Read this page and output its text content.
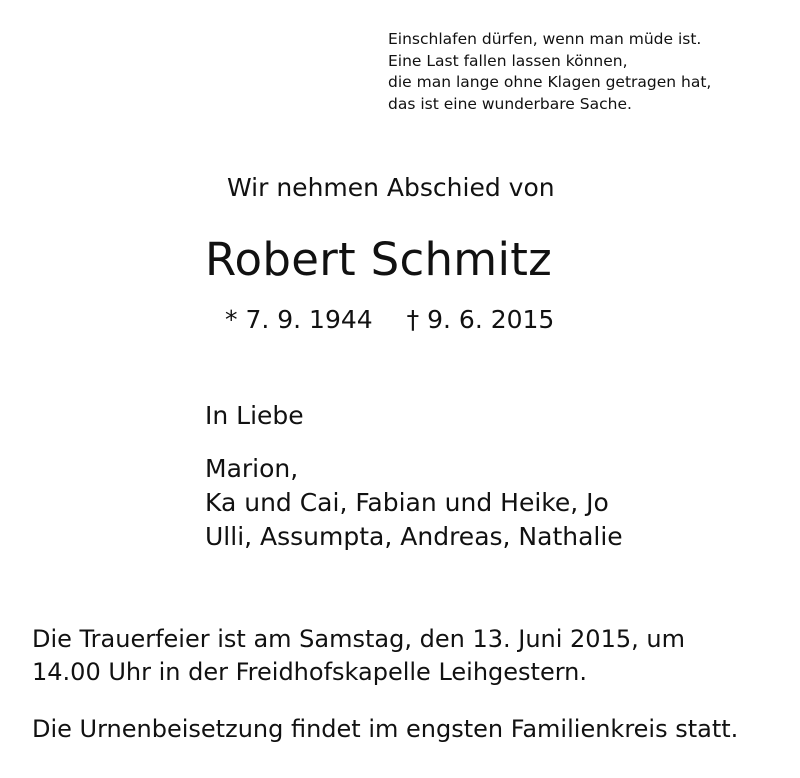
Einschlafen dürfen, wenn man müde ist.
Eine Last fallen lassen können,
die man lange ohne Klagen getragen hat,
das ist eine wunderbare Sache.
Wir nehmen Abschied von
Robert Schmitz
* 7. 9. 1944 † 9. 6. 2015
In Liebe
Marion,
Ka und Cai, Fabian und Heike, Jo
Ulli, Assumpta, Andreas, Nathalie
Die Trauerfeier ist am Samstag, den 13. Juni 2015, um
14.00 Uhr in der Freidhofskapelle Leihgestern.
Die Urnenbeisetzung findet im engsten Familienkreis statt.
